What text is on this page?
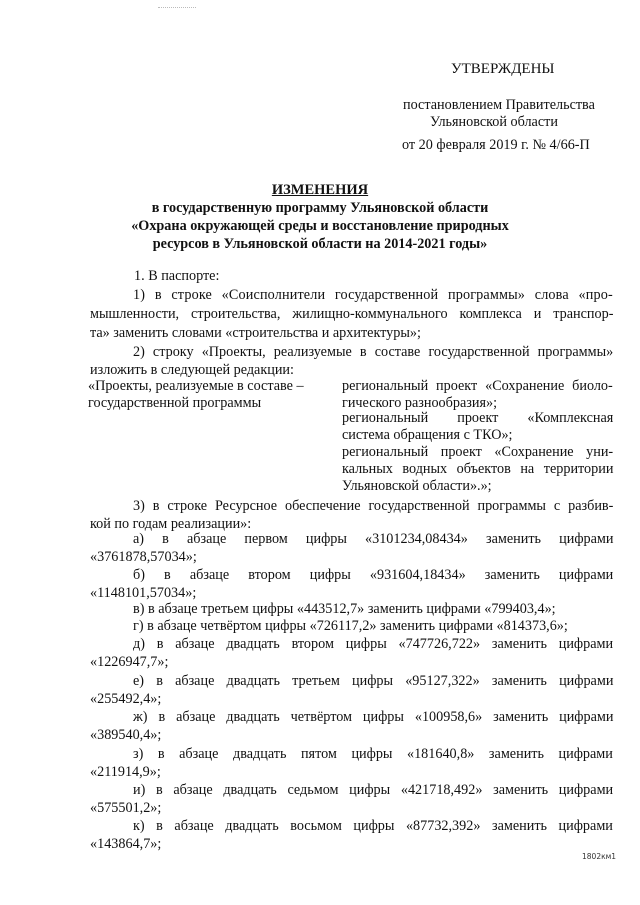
УТВЕРЖДЕНЫ
постановлением Правительства
Ульяновской области
от 20 февраля 2019 г. № 4/66-П
ИЗМЕНЕНИЯ
в государственную программу Ульяновской области
«Охрана окружающей среды и восстановление природных
ресурсов в Ульяновской области на 2014-2021 годы»
1. В паспорте:
1) в строке «Соисполнители государственной программы» слова «про-
мышленности, строительства, жилищно-коммунального комплекса и транспор-
та» заменить словами «строительства и архитектуры»;
2) строку «Проекты, реализуемые в составе государственной программы»
изложить в следующей редакции:
«Проекты, реализуемые в составе –
государственной программы
региональный проект «Сохранение биоло-
гического разнообразия»;
региональный проект «Комплексная
система обращения с ТКО»;
региональный проект «Сохранение уни-
кальных водных объектов на территории
Ульяновской области».»;
3) в строке Ресурсное обеспечение государственной программы с разбив-
кой по годам реализации»:
а) в абзаце первом цифры «3101234,08434» заменить цифрами
«3761878,57034»;
б) в абзаце втором цифры «931604,18434» заменить цифрами
«1148101,57034»;
в) в абзаце третьем цифры «443512,7» заменить цифрами «799403,4»;
г) в абзаце четвёртом цифры «726117,2» заменить цифрами «814373,6»;
д) в абзаце двадцать втором цифры «747726,722» заменить цифрами
«1226947,7»;
е) в абзаце двадцать третьем цифры «95127,322» заменить цифрами
«255492,4»;
ж) в абзаце двадцать четвёртом цифры «100958,6» заменить цифрами
«389540,4»;
з) в абзаце двадцать пятом цифры «181640,8» заменить цифрами
«211914,9»;
и) в абзаце двадцать седьмом цифры «421718,492» заменить цифрами
«575501,2»;
к) в абзаце двадцать восьмом цифры «87732,392» заменить цифрами
«143864,7»;
1802км1
